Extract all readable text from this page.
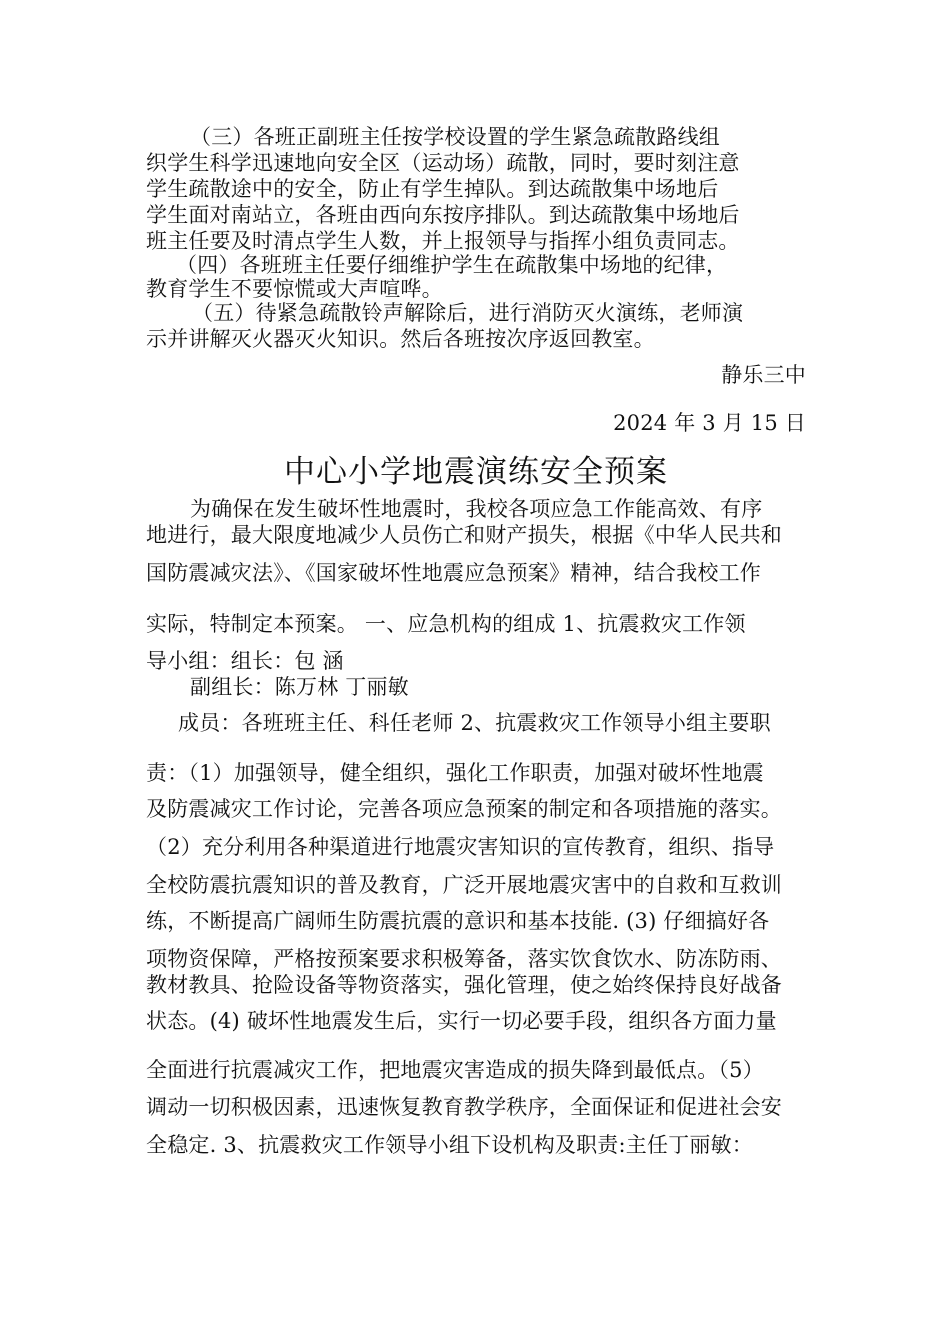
（三）各班正副班主任按学校设置的学生紧急疏散路线组
织学生科学迅速地向安全区（运动场）疏散，同时，要时刻注意
学生疏散途中的安全，防止有学生掉队。到达疏散集中场地后
学生面对南站立，各班由西向东按序排队。到达疏散集中场地后
班主任要及时清点学生人数，并上报领导与指挥小组负责同志。
（四）各班班主任要仔细维护学生在疏散集中场地的纪律，
教育学生不要惊慌或大声喧哗。
（五）待紧急疏散铃声解除后，进行消防灭火演练，老师演
示并讲解灭火器灭火知识。然后各班按次序返回教室。
静乐三中
2024 年 3 月 15 日
中心小学地震演练安全预案
为确保在发生破坏性地震时，我校各项应急工作能高效、有序
地进行，最大限度地减少人员伤亡和财产损失，根据《中华人民共和
国防震减灾法》、《国家破坏性地震应急预案》精神，结合我校工作
实际，特制定本预案。 一、应急机构的组成 1、抗震救灾工作领
导小组：组长：包 涵
副组长：陈万林 丁丽敏
成员：各班班主任、科任老师 2、抗震救灾工作领导小组主要职
责：（1）加强领导，健全组织，强化工作职责，加强对破坏性地震
及防震减灾工作讨论，完善各项应急预案的制定和各项措施的落实。
（2）充分利用各种渠道进行地震灾害知识的宣传教育，组织、指导
全校防震抗震知识的普及教育，广泛开展地震灾害中的自救和互救训
练，不断提高广阔师生防震抗震的意识和基本技能. (3) 仔细搞好各
项物资保障，严格按预案要求积极筹备，落实饮食饮水、防冻防雨、
教材教具、抢险设备等物资落实，强化管理，使之始终保持良好战备
状态。(4) 破坏性地震发生后，实行一切必要手段，组织各方面力量
全面进行抗震减灾工作，把地震灾害造成的损失降到最低点。（5）
调动一切积极因素，迅速恢复教育教学秩序，全面保证和促进社会安
全稳定. 3、抗震救灾工作领导小组下设机构及职责:主任丁丽敏：
